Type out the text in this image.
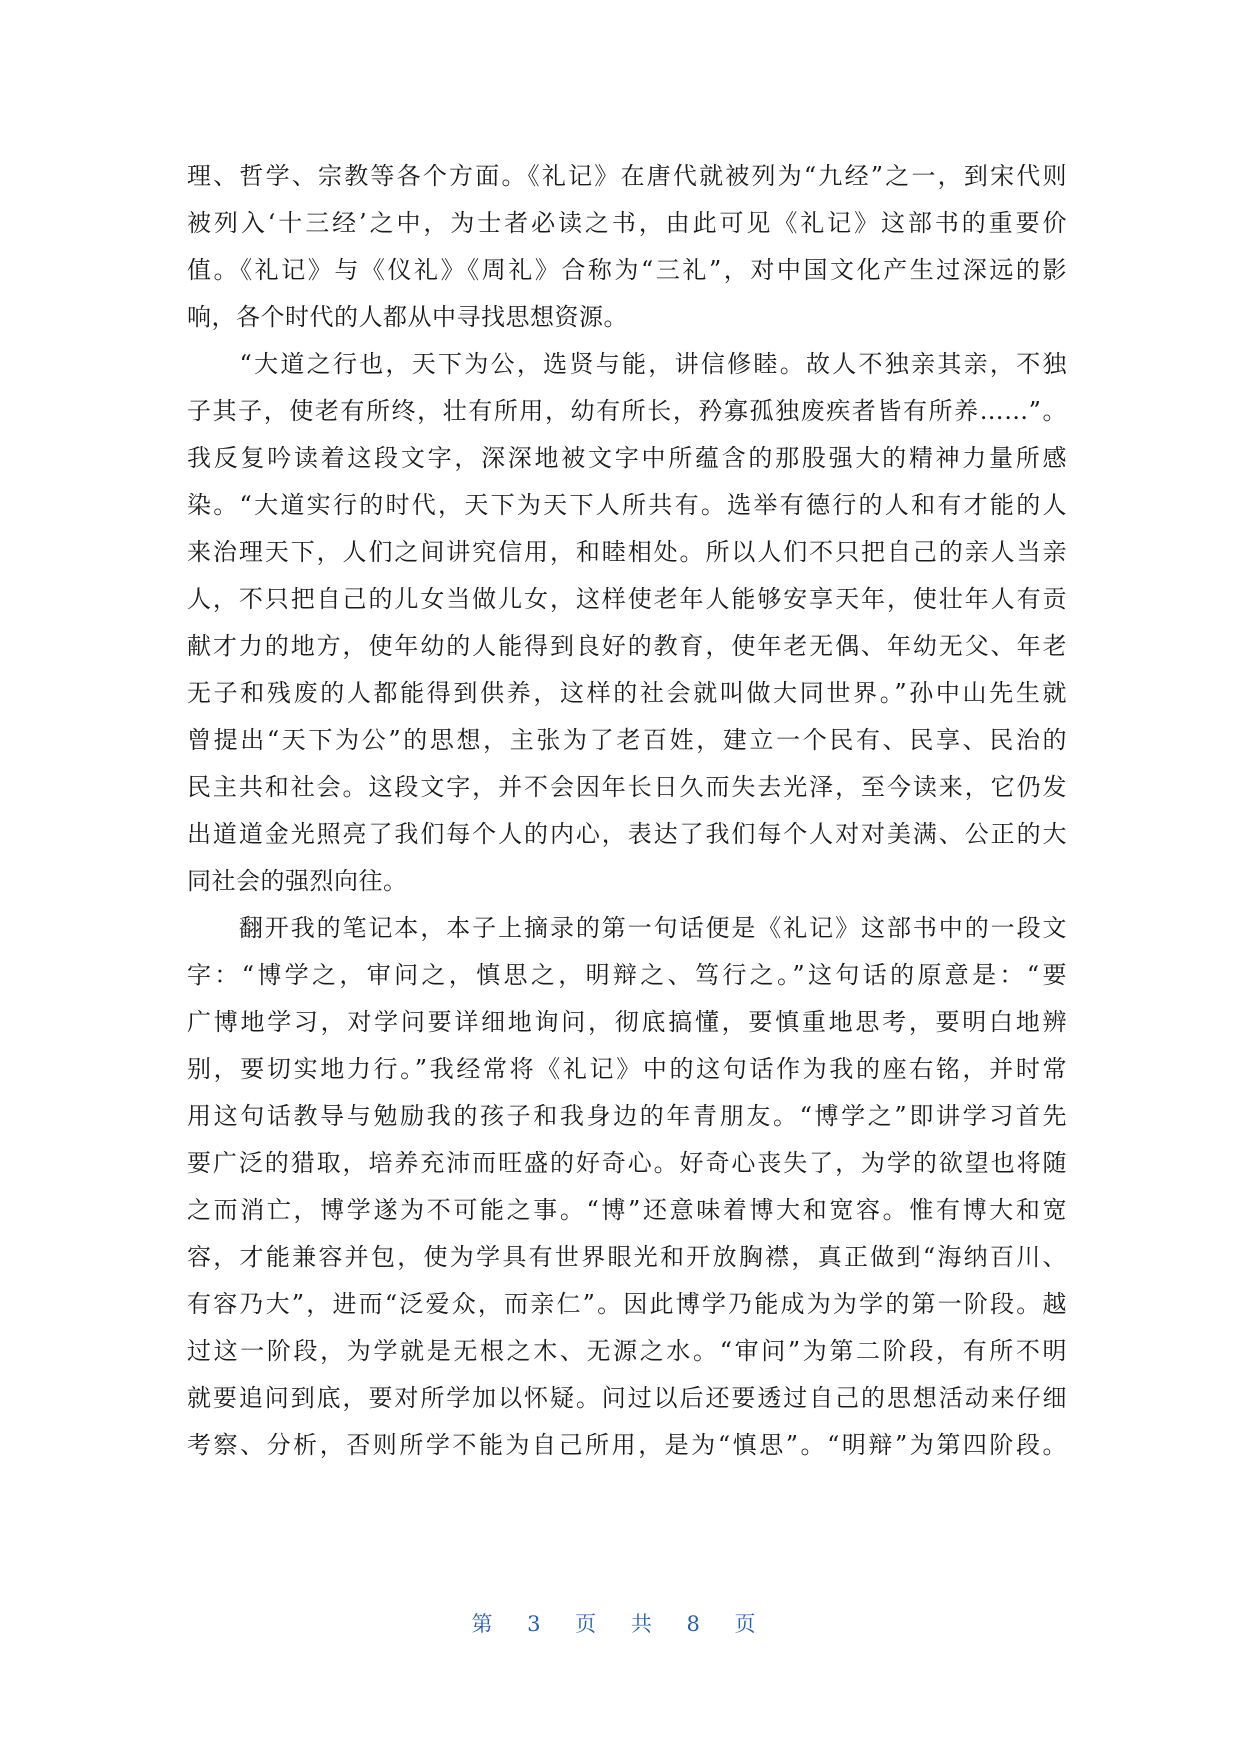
理、哲学、宗教等各个方面。《礼记》在唐代就被列为“九经”之一，到宋代则
被列入‘十三经’之中，为士者必读之书，由此可见《礼记》这部书的重要价
值。《礼记》与《仪礼》《周礼》合称为“三礼”，对中国文化产生过深远的影
响，各个时代的人都从中寻找思想资源。
　　“大道之行也，天下为公，选贤与能，讲信修睦。故人不独亲其亲，不独
子其子，使老有所终，壮有所用，幼有所长，矜寡孤独废疾者皆有所养……”。
我反复吟读着这段文字，深深地被文字中所蕴含的那股强大的精神力量所感
染。“大道实行的时代，天下为天下人所共有。选举有德行的人和有才能的人
来治理天下，人们之间讲究信用，和睦相处。所以人们不只把自己的亲人当亲
人，不只把自己的儿女当做儿女，这样使老年人能够安享天年，使壮年人有贡
献才力的地方，使年幼的人能得到良好的教育，使年老无偶、年幼无父、年老
无子和残废的人都能得到供养，这样的社会就叫做大同世界。”孙中山先生就
曾提出“天下为公”的思想，主张为了老百姓，建立一个民有、民享、民治的
民主共和社会。这段文字，并不会因年长日久而失去光泽，至今读来，它仍发
出道道金光照亮了我们每个人的内心，表达了我们每个人对对美满、公正的大
同社会的强烈向往。
　　翻开我的笔记本，本子上摘录的第一句话便是《礼记》这部书中的一段文
字：“博学之，审问之，慎思之，明辩之、笃行之。”这句话的原意是：“要
广博地学习，对学问要详细地询问，彻底搞懂，要慎重地思考，要明白地辨
别，要切实地力行。”我经常将《礼记》中的这句话作为我的座右铭，并时常
用这句话教导与勉励我的孩子和我身边的年青朋友。“博学之”即讲学习首先
要广泛的猎取，培养充沛而旺盛的好奇心。好奇心丧失了，为学的欲望也将随
之而消亡，博学遂为不可能之事。“博”还意味着博大和宽容。惟有博大和宽
容，才能兼容并包，使为学具有世界眼光和开放胸襟，真正做到“海纳百川、
有容乃大”，进而“泛爱众，而亲仁”。因此博学乃能成为为学的第一阶段。越
过这一阶段，为学就是无根之木、无源之水。“审问”为第二阶段，有所不明
就要追问到底，要对所学加以怀疑。问过以后还要透过自己的思想活动来仔细
考察、分析，否则所学不能为自己所用，是为“慎思”。“明辩”为第四阶段。
第 3 页 共 8 页
